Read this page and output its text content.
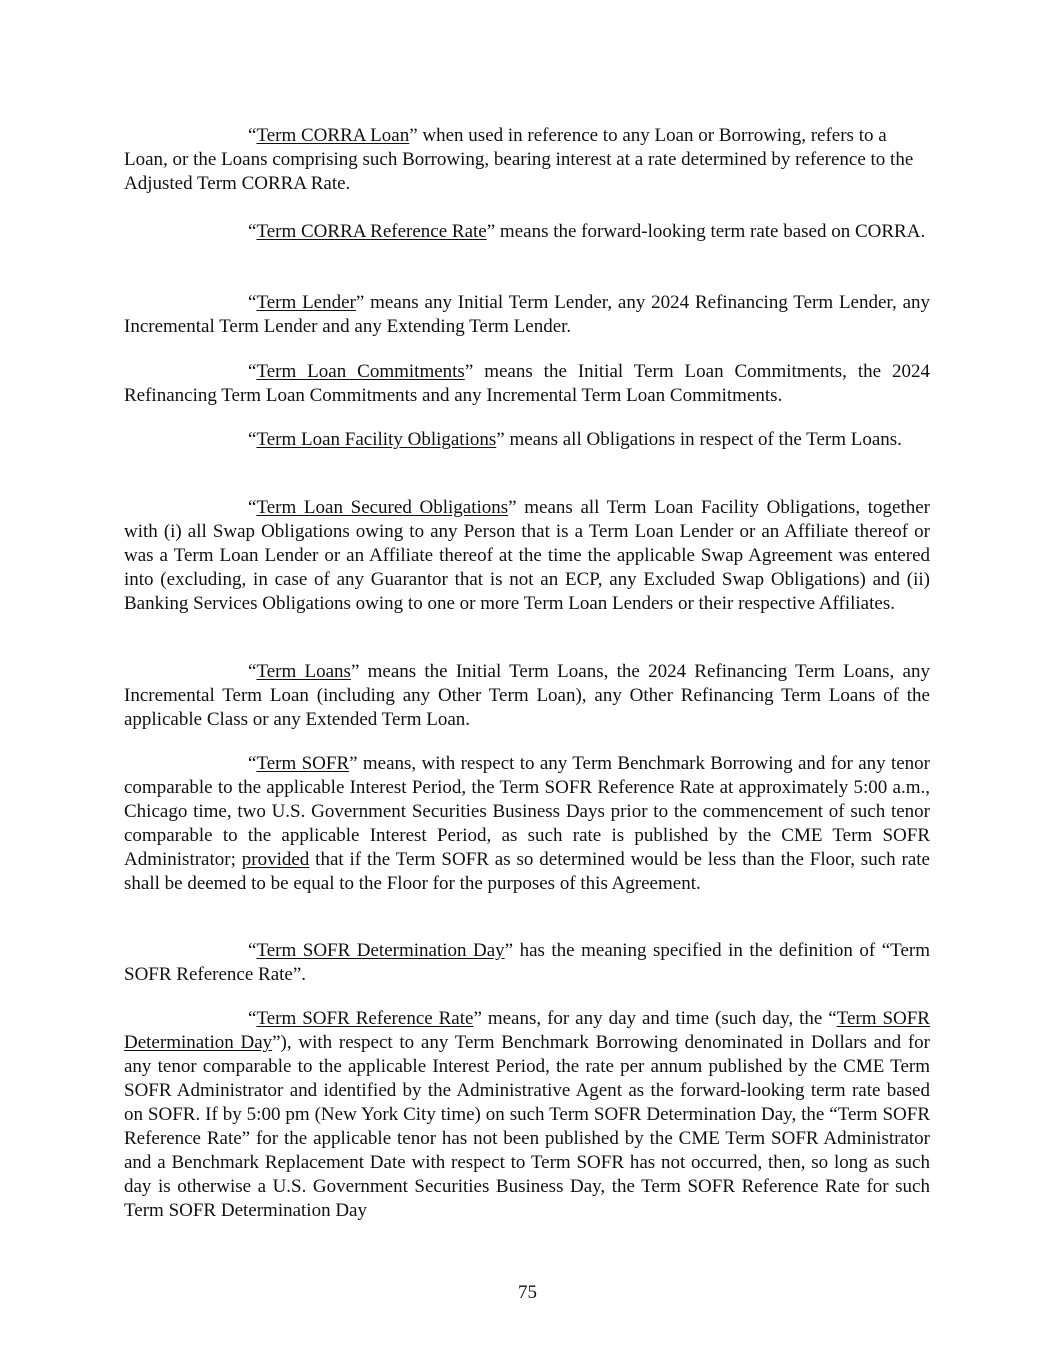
“Term CORRA Loan” when used in reference to any Loan or Borrowing, refers to a Loan, or the Loans comprising such Borrowing, bearing interest at a rate determined by reference to the Adjusted Term CORRA Rate.

“Term CORRA Reference Rate” means the forward-looking term rate based on CORRA.

“Term Lender” means any Initial Term Lender, any 2024 Refinancing Term Lender, any Incremental Term Lender and any Extending Term Lender.

“Term Loan Commitments” means the Initial Term Loan Commitments, the 2024 Refinancing Term Loan Commitments and any Incremental Term Loan Commitments.

“Term Loan Facility Obligations” means all Obligations in respect of the Term Loans.

“Term Loan Secured Obligations” means all Term Loan Facility Obligations, together with (i) all Swap Obligations owing to any Person that is a Term Loan Lender or an Affiliate thereof or was a Term Loan Lender or an Affiliate thereof at the time the applicable Swap Agreement was entered into (excluding, in case of any Guarantor that is not an ECP, any Excluded Swap Obligations) and (ii) Banking Services Obligations owing to one or more Term Loan Lenders or their respective Affiliates.

“Term Loans” means the Initial Term Loans, the 2024 Refinancing Term Loans, any Incremental Term Loan (including any Other Term Loan), any Other Refinancing Term Loans of the applicable Class or any Extended Term Loan.

“Term SOFR” means, with respect to any Term Benchmark Borrowing and for any tenor comparable to the applicable Interest Period, the Term SOFR Reference Rate at approximately 5:00 a.m., Chicago time, two U.S. Government Securities Business Days prior to the commencement of such tenor comparable to the applicable Interest Period, as such rate is published by the CME Term SOFR Administrator; provided that if the Term SOFR as so determined would be less than the Floor, such rate shall be deemed to be equal to the Floor for the purposes of this Agreement.

“Term SOFR Determination Day” has the meaning specified in the definition of “Term SOFR Reference Rate”.

“Term SOFR Reference Rate” means, for any day and time (such day, the “Term SOFR Determination Day”), with respect to any Term Benchmark Borrowing denominated in Dollars and for any tenor comparable to the applicable Interest Period, the rate per annum published by the CME Term SOFR Administrator and identified by the Administrative Agent as the forward-looking term rate based on SOFR. If by 5:00 pm (New York City time) on such Term SOFR Determination Day, the “Term SOFR Reference Rate” for the applicable tenor has not been published by the CME Term SOFR Administrator and a Benchmark Replacement Date with respect to Term SOFR has not occurred, then, so long as such day is otherwise a U.S. Government Securities Business Day, the Term SOFR Reference Rate for such Term SOFR Determination Day

75
